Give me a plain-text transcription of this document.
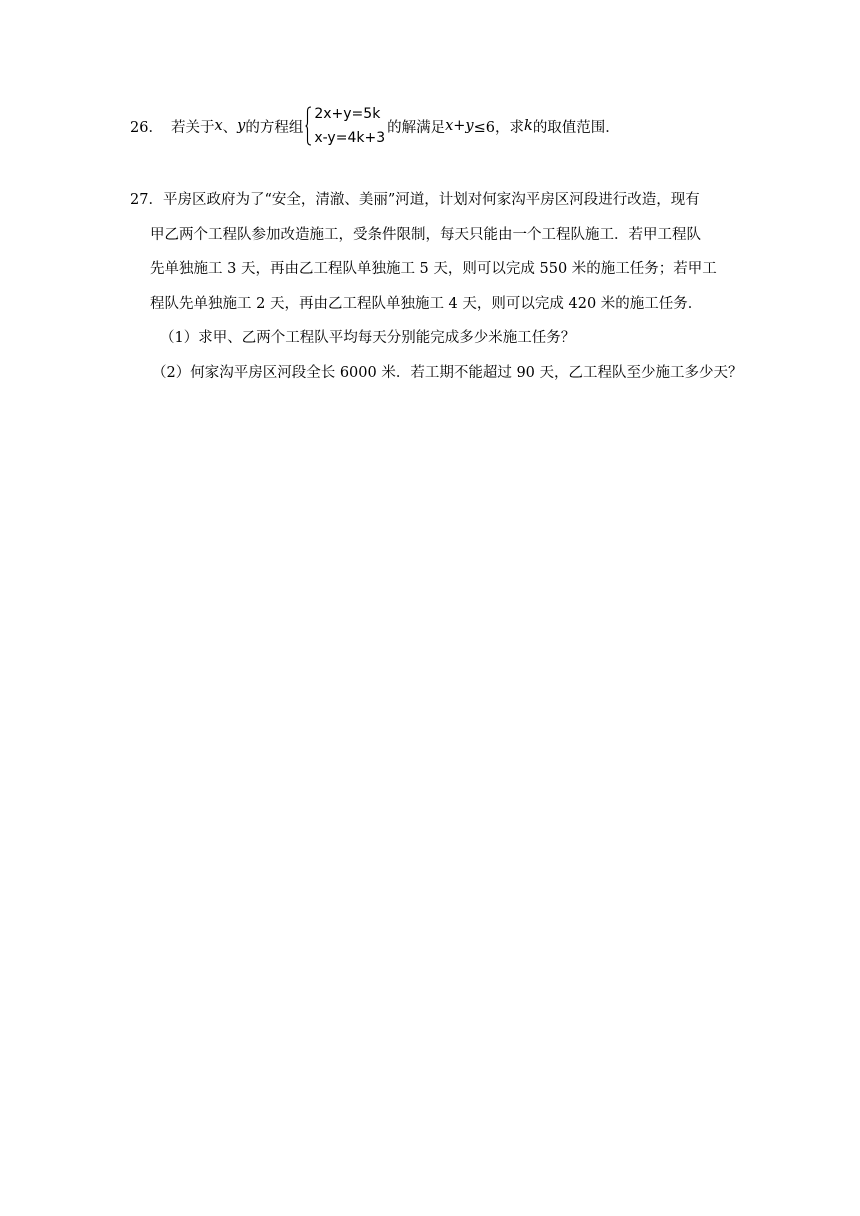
26． 若关于 x 、 y 的方程组
2x+y=5k
x-y=4k+3
的解满足 x+y ≤6，求 k 的取值范围．
27．平房区政府为了“安全，清澈、美丽”河道，计划对何家沟平房区河段进行改造，现有
甲乙两个工程队参加改造施工，受条件限制，每天只能由一个工程队施工．若甲工程队
先单独施工 3 天，再由乙工程队单独施工 5 天，则可以完成 550 米的施工任务；若甲工
程队先单独施工 2 天，再由乙工程队单独施工 4 天，则可以完成 420 米的施工任务．
（1）求甲、乙两个工程队平均每天分别能完成多少米施工任务？
（2）何家沟平房区河段全长 6000 米．若工期不能超过 90 天，乙工程队至少施工多少天？
